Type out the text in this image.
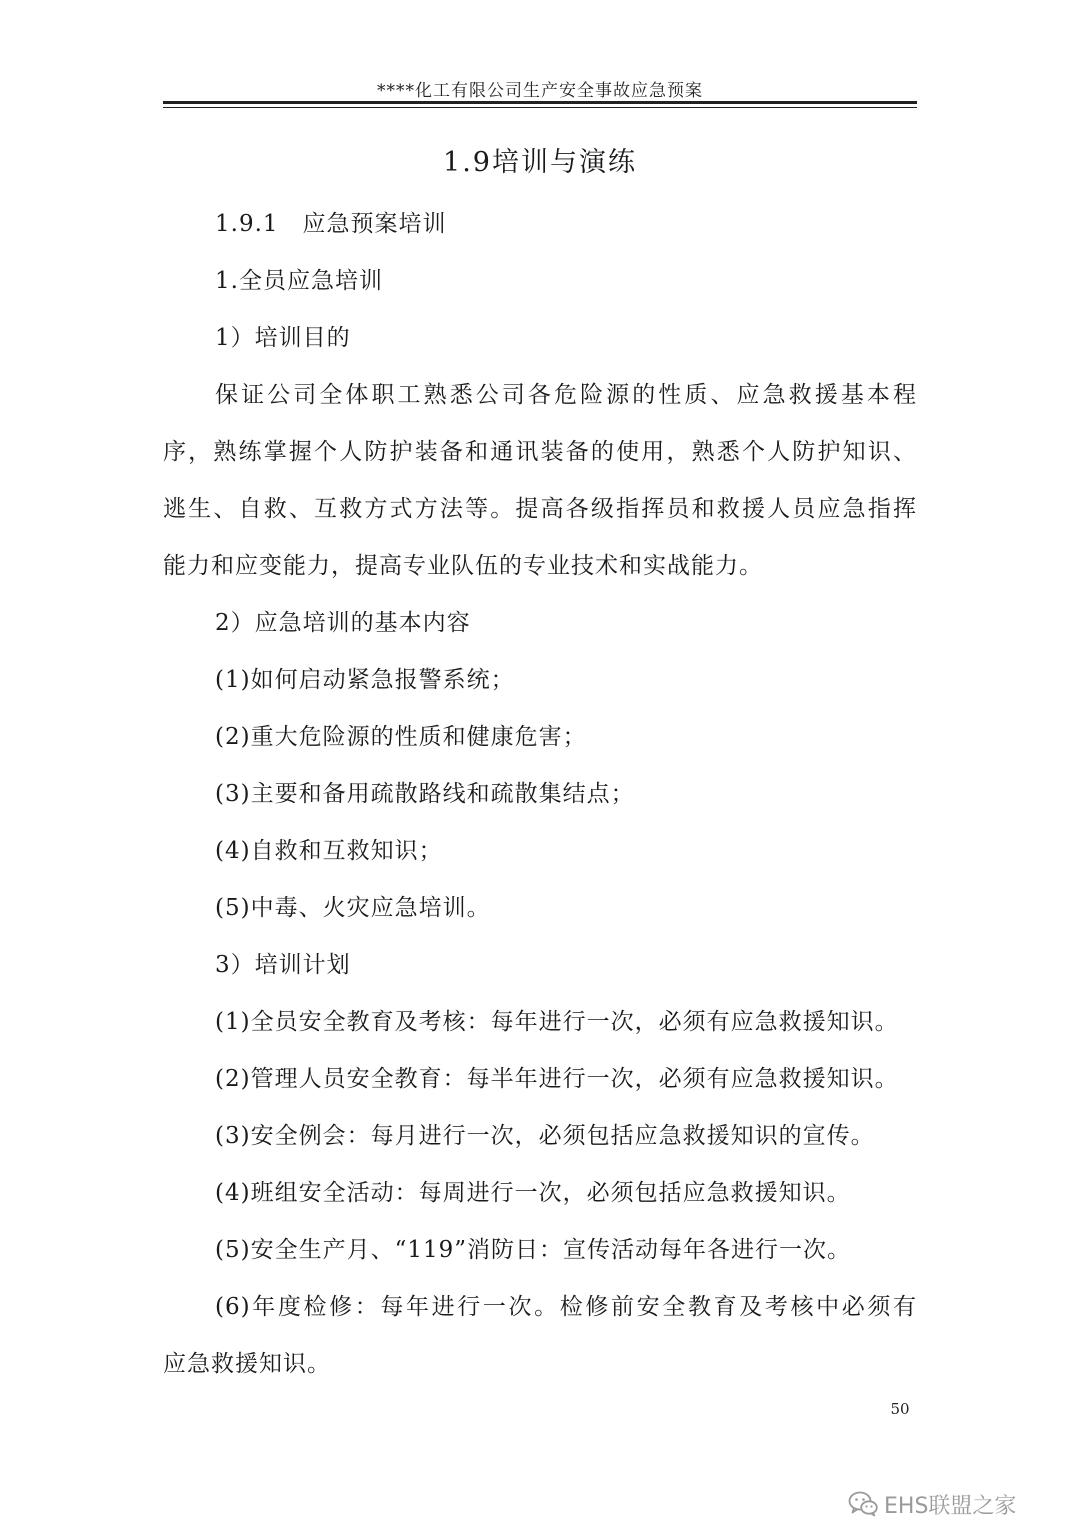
****化工有限公司生产安全事故应急预案
1.9培训与演练
1.9.1　应急预案培训
1.全员应急培训
1）培训目的
保证公司全体职工熟悉公司各危险源的性质、应急救援基本程
序，熟练掌握个人防护装备和通讯装备的使用，熟悉个人防护知识、
逃生、自救、互救方式方法等。提高各级指挥员和救援人员应急指挥
能力和应变能力，提高专业队伍的专业技术和实战能力。
2）应急培训的基本内容
(1)如何启动紧急报警系统；
(2)重大危险源的性质和健康危害；
(3)主要和备用疏散路线和疏散集结点；
(4)自救和互救知识；
(5)中毒、火灾应急培训。
3）培训计划
(1)全员安全教育及考核：每年进行一次，必须有应急救援知识。
(2)管理人员安全教育：每半年进行一次，必须有应急救援知识。
(3)安全例会：每月进行一次，必须包括应急救援知识的宣传。
(4)班组安全活动：每周进行一次，必须包括应急救援知识。
(5)安全生产月、“119”消防日：宣传活动每年各进行一次。
(6)年度检修：每年进行一次。检修前安全教育及考核中必须有
应急救援知识。
50
EHS联盟之家
